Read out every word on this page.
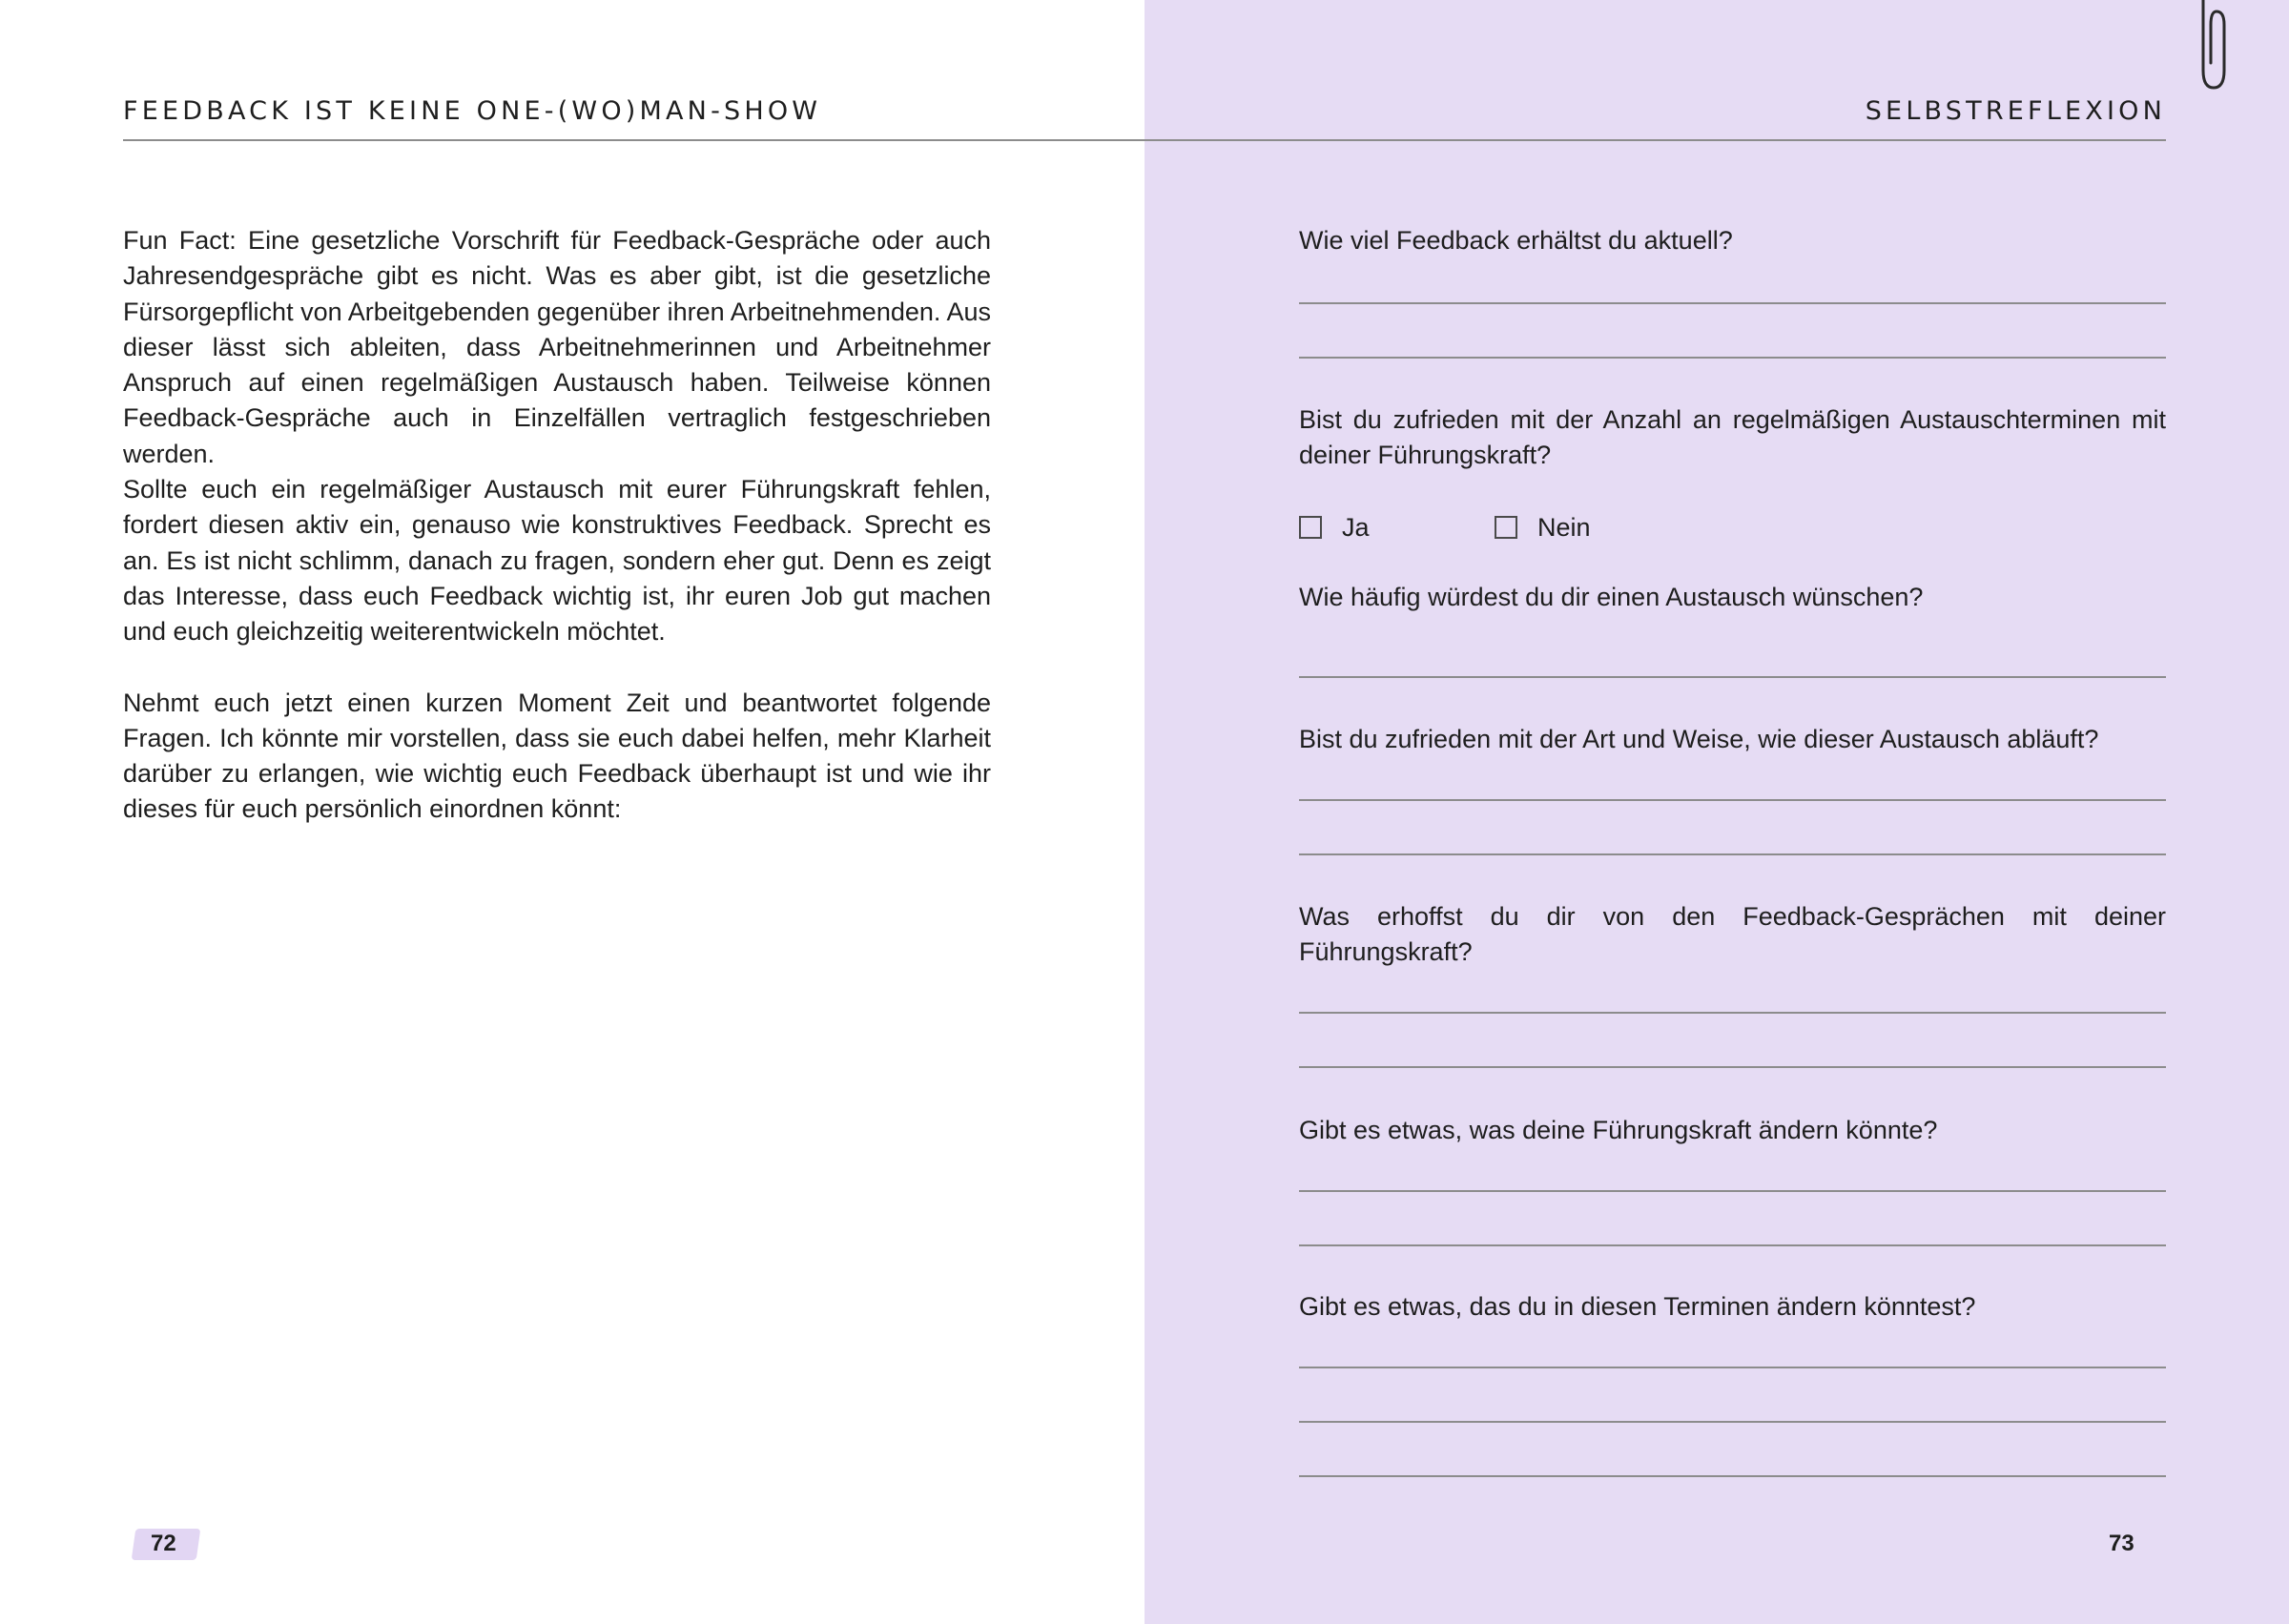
FEEDBACK IST KEINE ONE-(WO)MAN-SHOW	SELBSTREFLEXION

Fun Fact: Eine gesetzliche Vorschrift für Feedback-Gespräche oder auch Jahresendgespräche gibt es nicht. Was es aber gibt, ist die gesetzliche Fürsorgepflicht von Arbeitgebenden gegenüber ihren Arbeitnehmenden. Aus dieser lässt sich ableiten, dass Arbeitnehmerinnen und Arbeitnehmer Anspruch auf einen regelmäßigen Austausch haben. Teilweise können Feedback-Gespräche auch in Einzelfällen vertraglich festgeschrieben werden.

Sollte euch ein regelmäßiger Austausch mit eurer Führungskraft fehlen, fordert diesen aktiv ein, genauso wie konstruktives Feedback. Sprecht es an. Es ist nicht schlimm, danach zu fragen, sondern eher gut. Denn es zeigt das Interesse, dass euch Feedback wichtig ist, ihr euren Job gut machen und euch gleichzeitig weiterentwickeln möchtet.

Nehmt euch jetzt einen kurzen Moment Zeit und beantwortet folgende Fragen. Ich könnte mir vorstellen, dass sie euch dabei helfen, mehr Klarheit darüber zu erlangen, wie wichtig euch Feedback überhaupt ist und wie ihr dieses für euch persönlich einordnen könnt:

Wie viel Feedback erhältst du aktuell?
Bist du zufrieden mit der Anzahl an regelmäßigen Austauschterminen mit deiner Führungskraft?
Ja	Nein
Wie häufig würdest du dir einen Austausch wünschen?
Bist du zufrieden mit der Art und Weise, wie dieser Austausch abläuft?
Was erhoffst du dir von den Feedback-Gesprächen mit deiner Führungskraft?
Gibt es etwas, was deine Führungskraft ändern könnte?
Gibt es etwas, das du in diesen Terminen ändern könntest?
72	73
